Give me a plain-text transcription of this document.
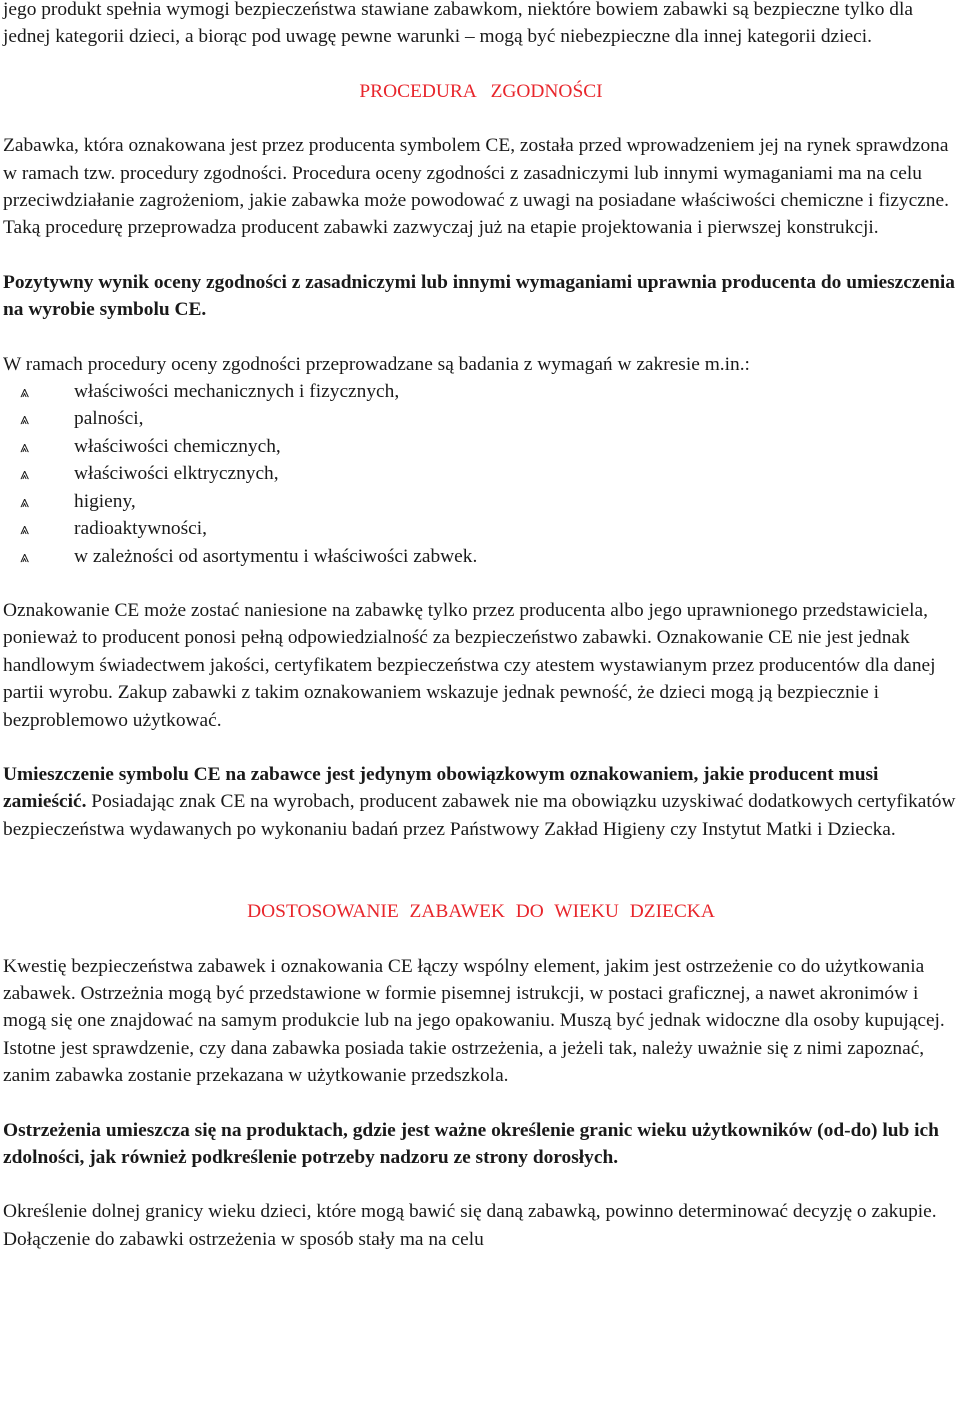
jego produkt spełnia wymogi bezpieczeństwa stawiane zabawkom, niektóre bowiem zabawki są bezpieczne tylko dla jednej kategorii dzieci, a biorąc pod uwagę pewne warunki – mogą być niebezpieczne dla innej kategorii dzieci.

PROCEDURA ZGODNOŚCI

Zabawka, która oznakowana jest przez producenta symbolem CE, została przed wprowadzeniem jej na rynek sprawdzona w ramach tzw. procedury zgodności. Procedura oceny zgodności z zasadniczymi lub innymi wymaganiami ma na celu przeciwdziałanie zagrożeniom, jakie zabawka może powodować z uwagi na posiadane właściwości chemiczne i fizyczne. Taką procedurę przeprowadza producent zabawki zazwyczaj już na etapie projektowania i pierwszej konstrukcji.

Pozytywny wynik oceny zgodności z zasadniczymi lub innymi wymaganiami uprawnia producenta do umieszczenia na wyrobie symbolu CE.

W ramach procedury oceny zgodności przeprowadzane są badania z wymagań w zakresie m.in.:

⩓ właściwości mechanicznych i fizycznych,
⩓ palności,
⩓ właściwości chemicznych,
⩓ właściwości elktrycznych,
⩓ higieny,
⩓ radioaktywności,
⩓ w zależności od asortymentu i właściwości zabwek.

Oznakowanie CE może zostać naniesione na zabawkę tylko przez producenta albo jego uprawnionego przedstawiciela, ponieważ to producent ponosi pełną odpowiedzialność za bezpieczeństwo zabawki. Oznakowanie CE nie jest jednak handlowym świadectwem jakości, certyfikatem bezpieczeństwa czy atestem wystawianym przez producentów dla danej partii wyrobu. Zakup zabawki z takim oznakowaniem wskazuje jednak pewność, że dzieci mogą ją bezpiecznie i bezproblemowo użytkować.

Umieszczenie symbolu CE na zabawce jest jedynym obowiązkowym oznakowaniem, jakie producent musi zamieścić. Posiadając znak CE na wyrobach, producent zabawek nie ma obowiązku uzyskiwać dodatkowych certyfikatów bezpieczeństwa wydawanych po wykonaniu badań przez Państwowy Zakład Higieny czy Instytut Matki i Dziecka.

DOSTOSOWANIE ZABAWEK DO WIEKU DZIECKA

Kwestię bezpieczeństwa zabawek i oznakowania CE łączy wspólny element, jakim jest ostrzeżenie co do użytkowania zabawek. Ostrzeżnia mogą być przedstawione w formie pisemnej istrukcji, w postaci graficznej, a nawet akronimów i mogą się one znajdować na samym produkcie lub na jego opakowaniu. Muszą być jednak widoczne dla osoby kupującej. Istotne jest sprawdzenie, czy dana zabawka posiada takie ostrzeżenia, a jeżeli tak, należy uważnie się z nimi zapoznać, zanim zabawka zostanie przekazana w użytkowanie przedszkola.

Ostrzeżenia umieszcza się na produktach, gdzie jest ważne określenie granic wieku użytkowników (od-do) lub ich zdolności, jak również podkreślenie potrzeby nadzoru ze strony dorosłych.

Określenie dolnej granicy wieku dzieci, które mogą bawić się daną zabawką, powinno determinować decyzję o zakupie. Dołączenie do zabawki ostrzeżenia w sposób stały ma na celu
